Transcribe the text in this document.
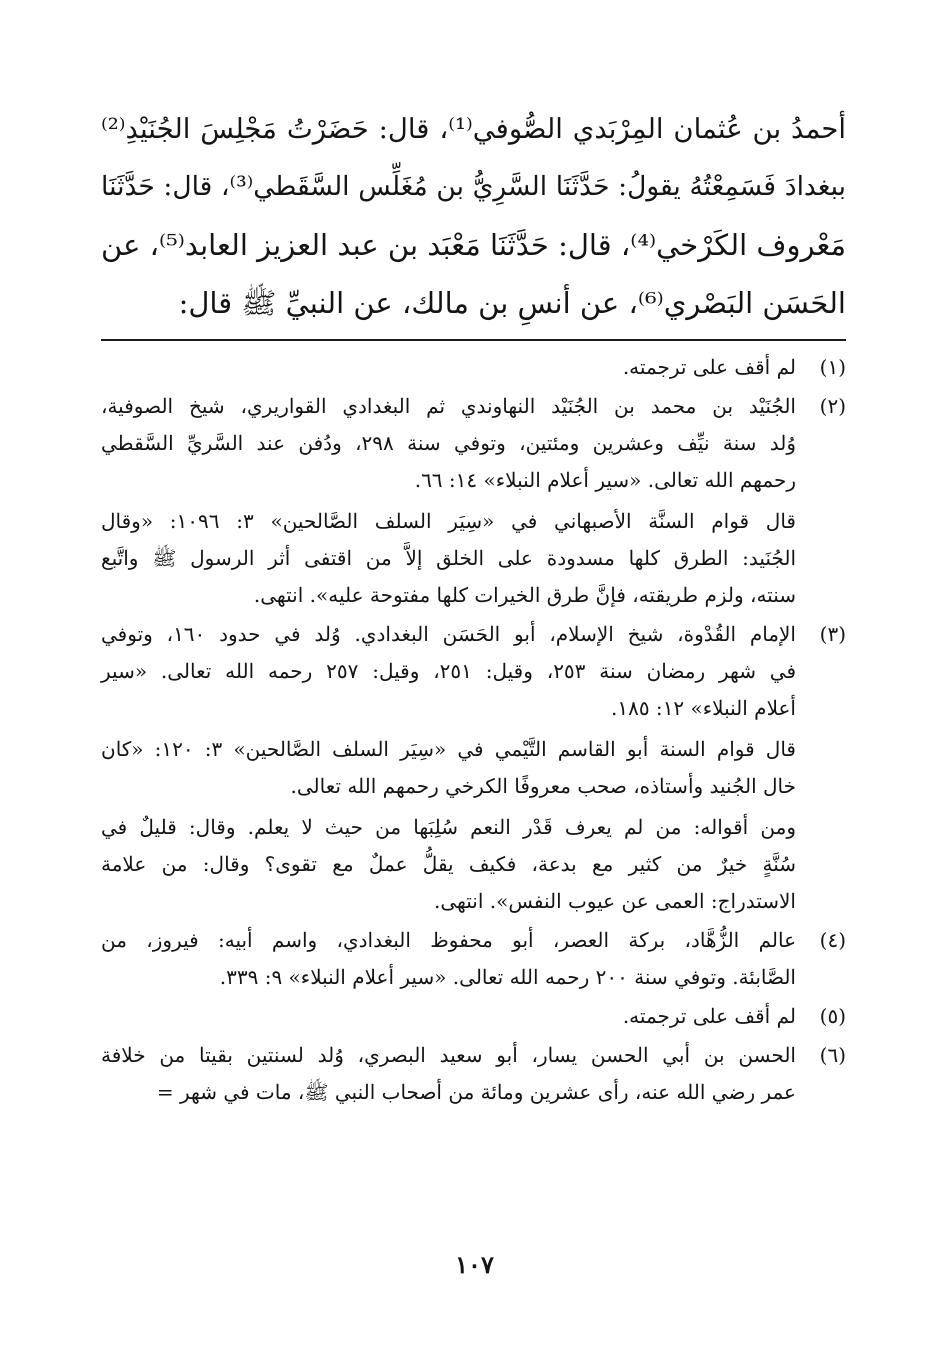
أحمدُ بن عُثمان المِرْبَدي الصُّوفي⁽¹⁾، قال: حَضَرْتُ مَجْلِسَ الجُنَيْدِ⁽²⁾
ببغدادَ فَسَمِعْتُهُ يقولُ: حَدَّثَنَا السَّرِيُّ بن مُغَلِّس السَّقَطي⁽³⁾، قال: حَدَّثَنَا
مَعْروف الكَرْخي⁽⁴⁾، قال: حَدَّثَنَا مَعْبَد بن عبد العزيز العابد⁽⁵⁾، عن
الحَسَن البَصْري⁽⁶⁾، عن أنسِ بن مالك، عن النبيِّ ﷺ قال:
(١)
لم أقف على ترجمته.
(٢)
الجُنَيْد بن محمد بن الجُنَيْد النهاوندي ثم البغدادي القواريري، شيخ الصوفية،
وُلد سنة نيِّف وعشرين ومئتين، وتوفي سنة ٢٩٨، ودُفن عند السَّريِّ السَّقطي
رحمهم الله تعالى. «سير أعلام النبلاء» ١٤: ٦٦.
قال قوام السنَّة الأصبهاني في «سِيَر السلف الصَّالحين» ٣: ١٠٩٦: «وقال
الجُنَيد: الطرق كلها مسدودة على الخلق إلاَّ من اقتفى أثر الرسول ﷺ واتَّبع
سنته، ولزم طريقته، فإنَّ طرق الخيرات كلها مفتوحة عليه». انتهى.
(٣)
الإمام القُدْوة، شيخ الإسلام، أبو الحَسَن البغدادي. وُلد في حدود ١٦٠، وتوفي
في شهر رمضان سنة ٢٥٣، وقيل: ٢٥١، وقيل: ٢٥٧ رحمه الله تعالى. «سير
أعلام النبلاء» ١٢: ١٨٥.
قال قوام السنة أبو القاسم التَّيْمي في «سِيَر السلف الصَّالحين» ٣: ١٢٠: «كان
خال الجُنيد وأستاذه، صحب معروفًا الكرخي رحمهم الله تعالى.
ومن أقواله: من لم يعرف قَدْر النعم سُلِبَها من حيث لا يعلم. وقال: قليلٌ في
سُنَّةٍ خيرٌ من كثير مع بدعة، فكيف يقلُّ عملٌ مع تقوى؟ وقال: من علامة
الاستدراج: العمى عن عيوب النفس». انتهى.
(٤)
عالم الزُّهَّاد، بركة العصر، أبو محفوظ البغدادي، واسم أبيه: فيروز، من
الصَّابئة. وتوفي سنة ٢٠٠ رحمه الله تعالى. «سير أعلام النبلاء» ٩: ٣٣٩.
(٥)
لم أقف على ترجمته.
(٦)
الحسن بن أبي الحسن يسار، أبو سعيد البصري، وُلد لسنتين بقيتا من خلافة
عمر رضي الله عنه، رأى عشرين ومائة من أصحاب النبي ﷺ، مات في شهر =
١٠٧
